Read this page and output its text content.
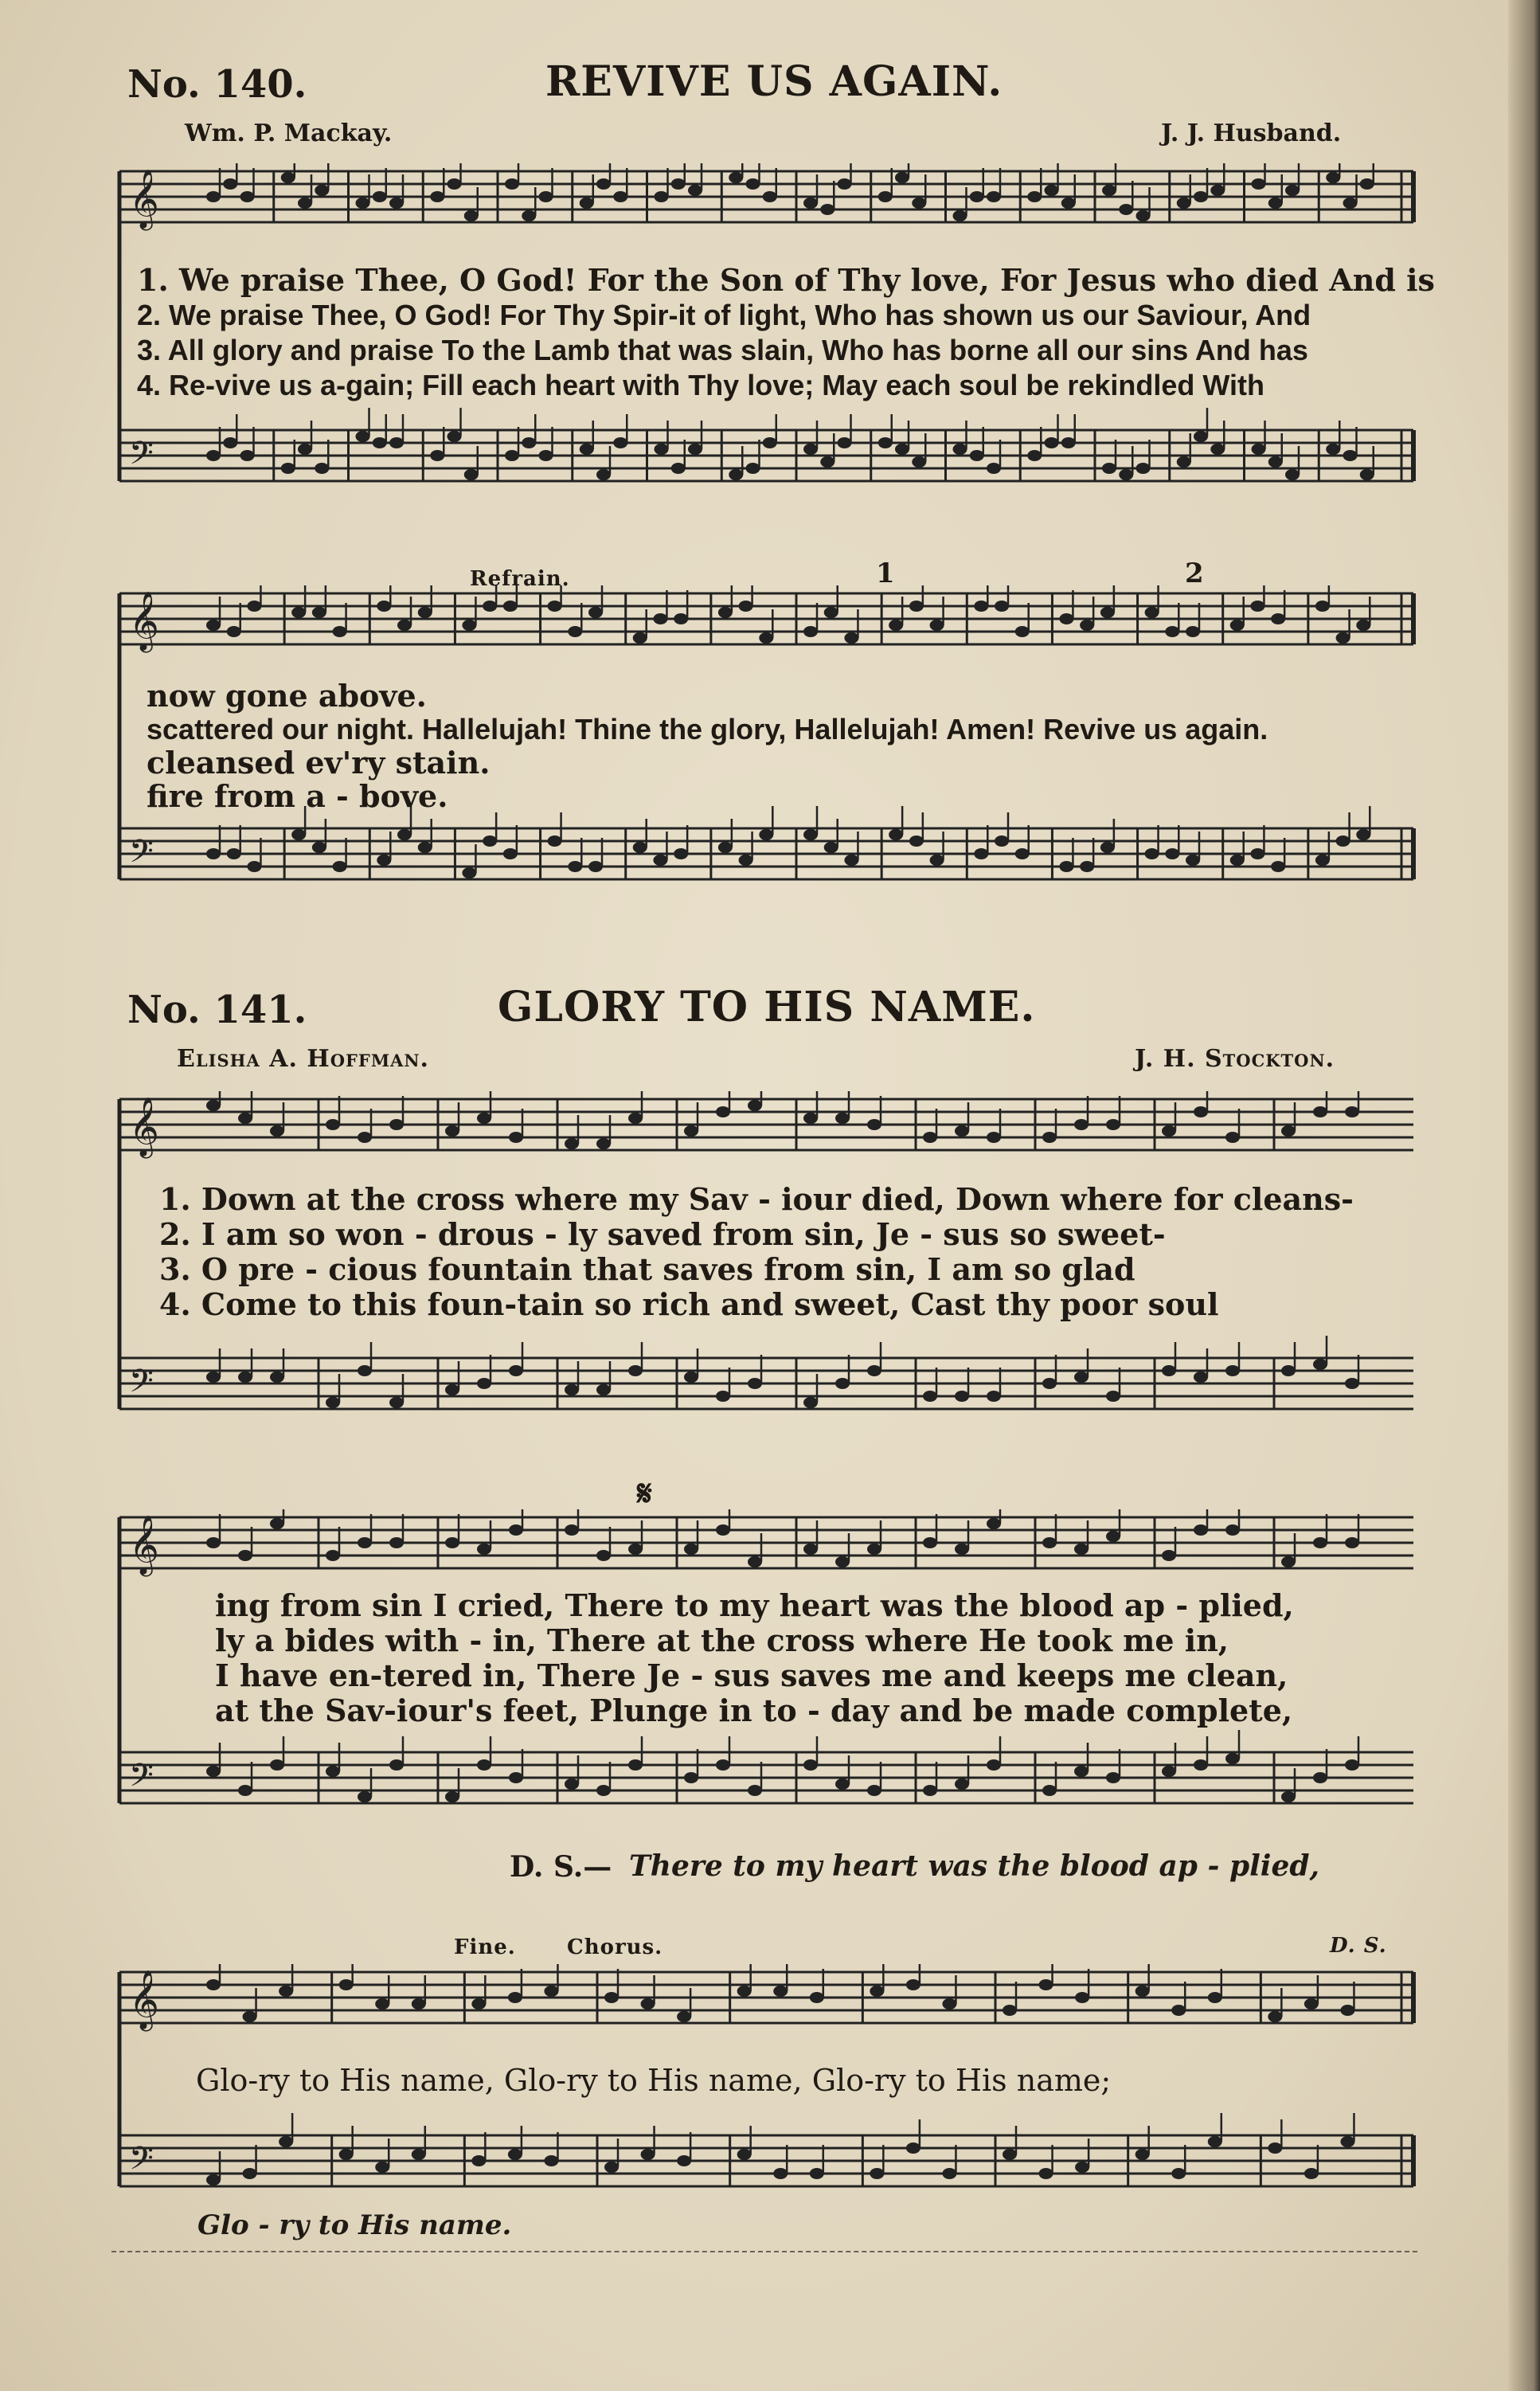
No. 140.	REVIVE US AGAIN.
Wm. P. Mackay.	J. J. Husband.
𝄞
𝄢
1. We praise Thee, O God! For the Son of Thy love, For Jesus who died And is
2. We praise Thee, O God! For Thy Spir-it of light, Who has shown us our Saviour, And
3. All glory and praise To the Lamb that was slain, Who has borne all our sins And has
4. Re-vive us a-gain; Fill each heart with Thy love; May each soul be rekindled With
Refrain.	1	2
𝄞
𝄢
now gone above.
scattered our night. Hallelujah! Thine the glory, Hallelujah! Amen! Revive us again.
cleansed ev'ry stain.
fire from a - bove.
No. 141.	GLORY TO HIS NAME.
Elisha A. Hoffman.	J. H. Stockton.
𝄞
𝄢
1. Down at the cross where my Sav - iour died, Down where for cleans-
2. I am so won - drous - ly saved from sin, Je - sus so sweet-
3. O pre - cious fountain that saves from sin, I am so glad
4. Come to this foun-tain so rich and sweet, Cast thy poor soul
𝄋
𝄞
𝄢
ing from sin I cried, There to my heart was the blood ap - plied,
ly a bides with - in, There at the cross where He took me in,
I have en-tered in, There Je - sus saves me and keeps me clean,
at the Sav-iour's feet, Plunge in to - day and be made complete,
D. S.— There to my heart was the blood ap - plied,
Fine. Chorus.	D. S.
𝄞
𝄢
Glo-ry to His name, Glo-ry to His name, Glo-ry to His name;
Glo - ry to His name.
